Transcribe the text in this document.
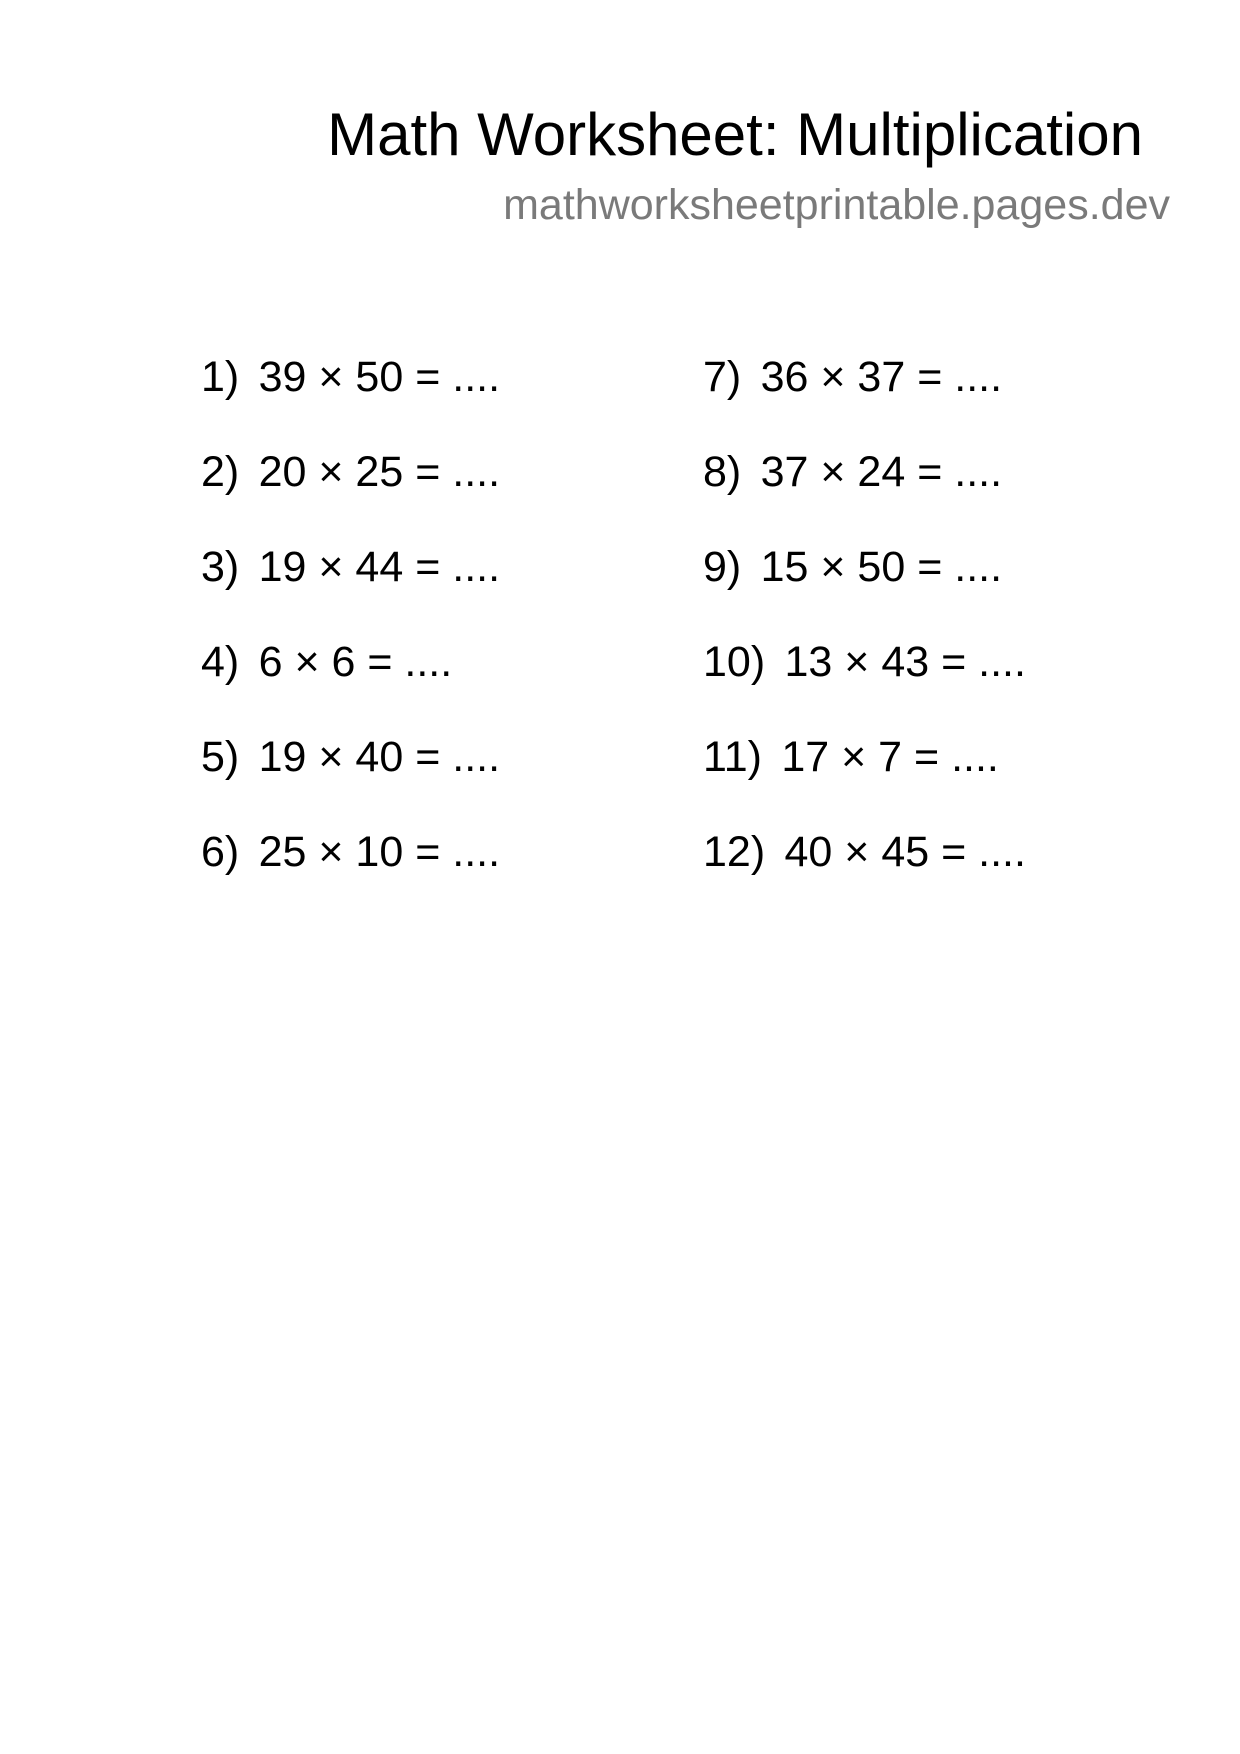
Math Worksheet: Multiplication
mathworksheetprintable.pages.dev
1) 39 × 50 = ....
2) 20 × 25 = ....
3) 19 × 44 = ....
4) 6 × 6 = ....
5) 19 × 40 = ....
6) 25 × 10 = ....
7) 36 × 37 = ....
8) 37 × 24 = ....
9) 15 × 50 = ....
10) 13 × 43 = ....
11) 17 × 7 = ....
12) 40 × 45 = ....
